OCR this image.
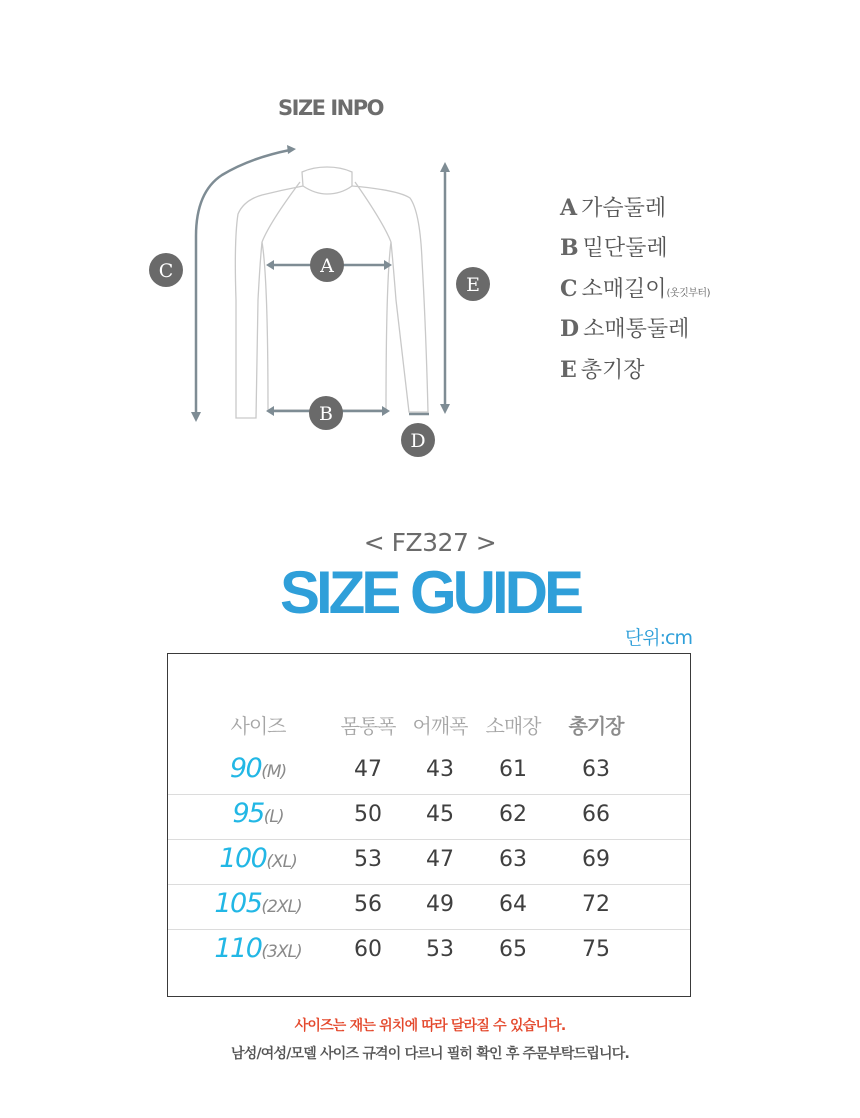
SIZE INPO
A
B
C
D
E
A 가슴둘레
B 밑단둘레
C 소매길이(옷깃부터)
D 소매통둘레
E 총기장
< FZ327 >
SIZE GUIDE
단위:cm
사이즈	몸통폭 어깨폭 소매장 총기장
90(M)	47 43 61	63
95(L)	50 45 62	66
100(XL)	53 47 63	69
105(2XL) 56 49 64	72
110(3XL) 60 53 65	75
사이즈는 재는 위치에 따라 달라질 수 있습니다.
남성/여성/모델 사이즈 규격이 다르니 필히 확인 후 주문부탁드립니다.
